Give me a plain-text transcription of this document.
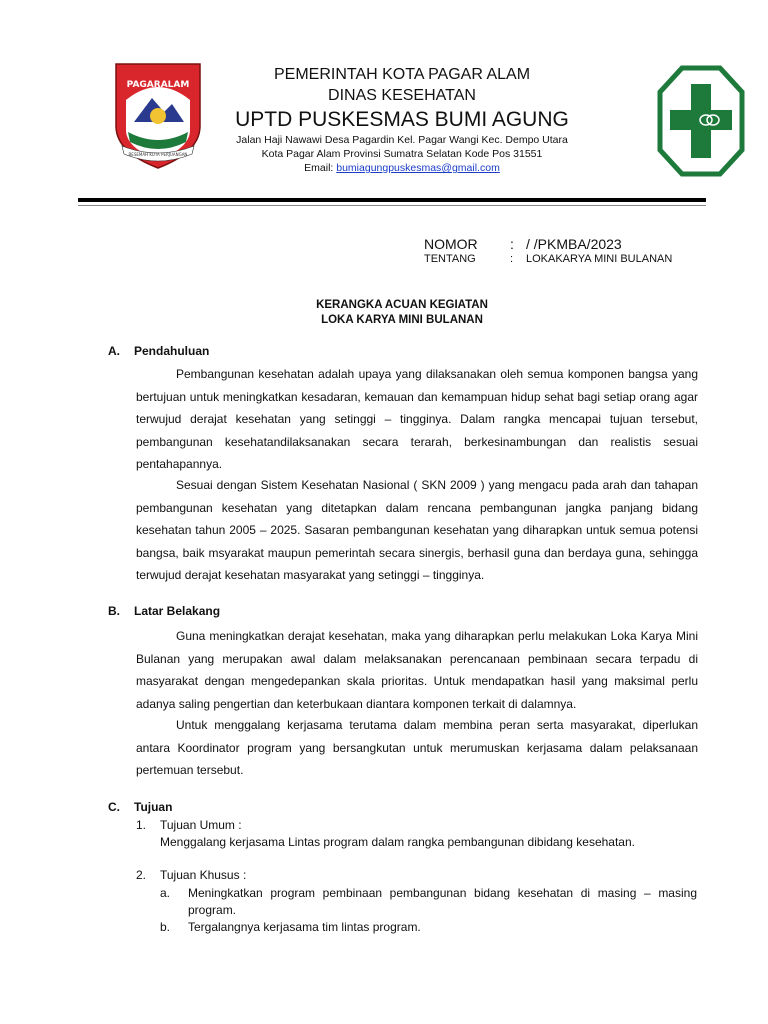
PAGARALAM
BESEMAH KOTA PERJUANGAN

PEMERINTAH KOTA PAGAR ALAM

DINAS KESEHATAN

UPTD PUSKESMAS BUMI AGUNG

Jalan Haji Nawawi Desa Pagardin Kel. Pagar Wangi Kec. Dempo Utara

Kota Pagar Alam Provinsi Sumatra Selatan Kode Pos 31551

Email: bumiagungpuskesmas@gmail.com

NOMOR : / /PKMBA/2023
TENTANG	: LOKAKARYA MINI BULANAN
KERANGKA ACUAN KEGIATAN
LOKA KARYA MINI BULANAN
A. Pendahuluan

Pembangunan kesehatan adalah upaya yang dilaksanakan oleh semua komponen bangsa yang bertujuan untuk meningkatkan kesadaran, kemauan dan kemampuan hidup sehat bagi setiap orang agar terwujud derajat kesehatan yang setinggi – tingginya. Dalam rangka mencapai tujuan tersebut, pembangunan kesehatandilaksanakan secara terarah, berkesinambungan dan realistis sesuai pentahapannya.

Sesuai dengan Sistem Kesehatan Nasional ( SKN 2009 ) yang mengacu pada arah dan tahapan pembangunan kesehatan yang ditetapkan dalam rencana pembangunan jangka panjang bidang kesehatan tahun 2005 – 2025. Sasaran pembangunan kesehatan yang diharapkan untuk semua potensi bangsa, baik msyarakat maupun pemerintah secara sinergis, berhasil guna dan berdaya guna, sehingga terwujud derajat kesehatan masyarakat yang setinggi – tingginya.

B. Latar Belakang

Guna meningkatkan derajat kesehatan, maka yang diharapkan perlu melakukan Loka Karya Mini Bulanan yang merupakan awal dalam melaksanakan perencanaan pembinaan secara terpadu di masyarakat dengan mengedepankan skala prioritas. Untuk mendapatkan hasil yang maksimal perlu adanya saling pengertian dan keterbukaan diantara komponen terkait di dalamnya.

Untuk menggalang kerjasama terutama dalam membina peran serta masyarakat, diperlukan antara Koordinator program yang bersangkutan untuk merumuskan kerjasama dalam pelaksanaan pertemuan tersebut.

C. Tujuan
1. Tujuan Umum :
Menggalang kerjasama Lintas program dalam rangka pembangunan dibidang kesehatan.
2. Tujuan Khusus :
a. Meningkatkan program pembinaan pembangunan bidang kesehatan di masing – masing program.
b. Tergalangnya kerjasama tim lintas program.
